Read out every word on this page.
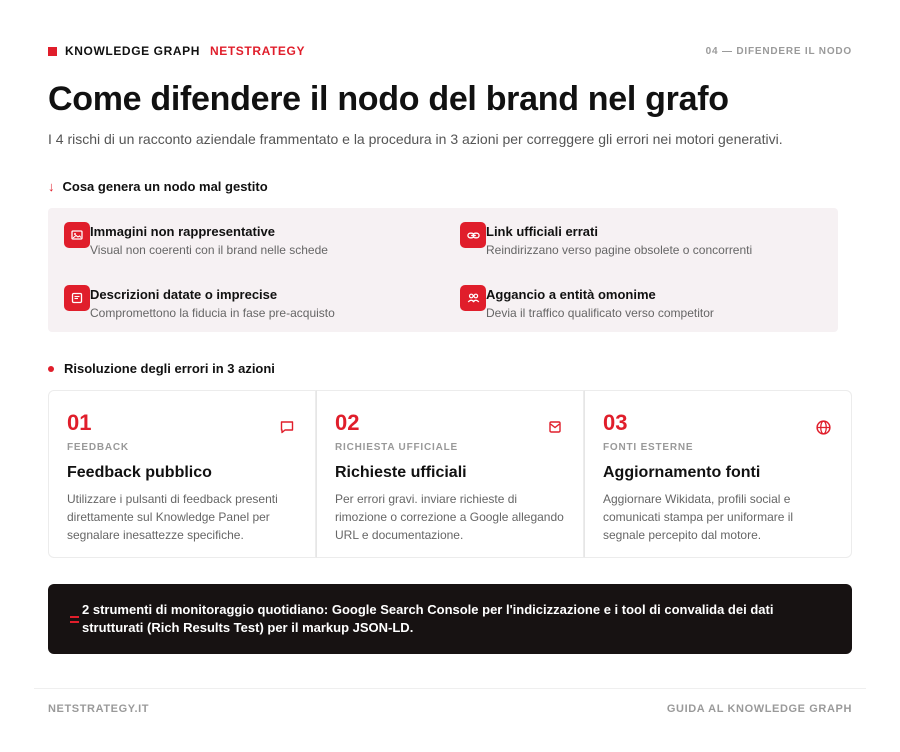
KNOWLEDGE GRAPH NETSTRATEGY	04 — DIFENDERE IL NODO
Come difendere il nodo del brand nel grafo

I 4 rischi di un racconto aziendale frammentato e la procedura in 3 azioni per correggere gli errori nei motori generativi.

↓ Cosa genera un nodo mal gestito
Immagini non rappresentative
Visual non coerenti con il brand nelle schede
Link ufficiali errati
Reindirizzano verso pagine obsolete o concorrenti
Descrizioni datate o imprecise
Compromettono la fiducia in fase pre-acquisto
Aggancio a entità omonime
Devia il traffico qualificato verso competitor
Risoluzione degli errori in 3 azioni
01
FEEDBACK
Feedback pubblico
Utilizzare i pulsanti di feedback presenti direttamente sul Knowledge Panel per segnalare inesattezze specifiche.
02
RICHIESTA UFFICIALE
Richieste ufficiali
Per errori gravi. inviare richieste di rimozione o correzione a Google allegando URL e documentazione.
03
FONTI ESTERNE
Aggiornamento fonti
Aggiornare Wikidata, profili social e comunicati stampa per uniformare il segnale percepito dal motore.
2 strumenti di monitoraggio quotidiano: Google Search Console per l'indicizzazione e i tool di convalida dei dati strutturati (Rich Results Test) per il markup JSON-LD.
NETSTRATEGY.IT	GUIDA AL KNOWLEDGE GRAPH
